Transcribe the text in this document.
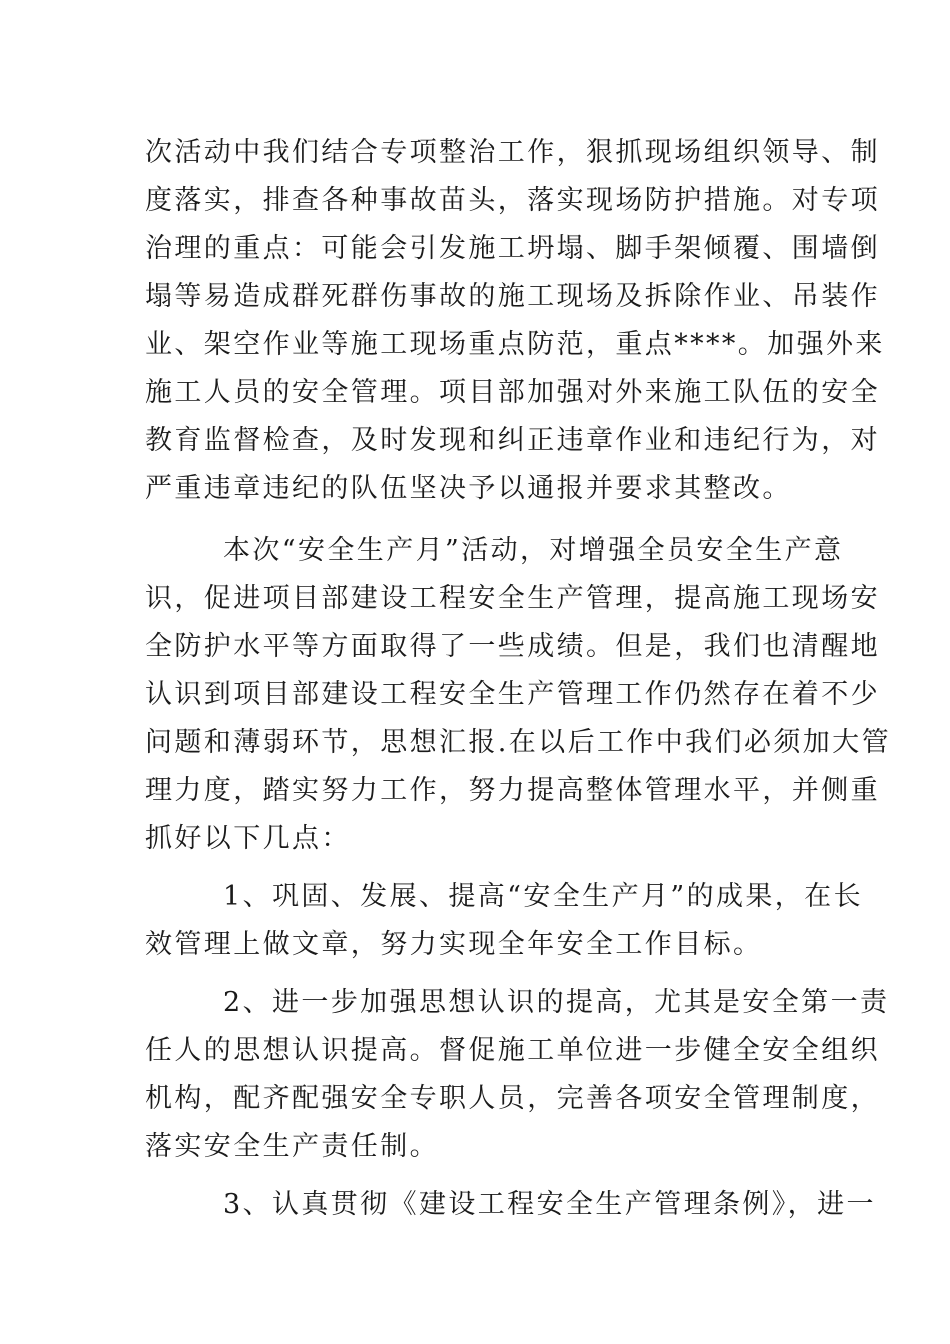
次活动中我们结合专项整治工作，狠抓现场组织领导、制
度落实，排查各种事故苗头，落实现场防护措施。对专项
治理的重点：可能会引发施工坍塌、脚手架倾覆、围墙倒
塌等易造成群死群伤事故的施工现场及拆除作业、吊装作
业、架空作业等施工现场重点防范，重点****。加强外来
施工人员的安全管理。项目部加强对外来施工队伍的安全
教育监督检查，及时发现和纠正违章作业和违纪行为，对
严重违章违纪的队伍坚决予以通报并要求其整改。
本次“安全生产月”活动，对增强全员安全生产意
识，促进项目部建设工程安全生产管理，提高施工现场安
全防护水平等方面取得了一些成绩。但是，我们也清醒地
认识到项目部建设工程安全生产管理工作仍然存在着不少
问题和薄弱环节，思想汇报.在以后工作中我们必须加大管
理力度，踏实努力工作，努力提高整体管理水平，并侧重
抓好以下几点：
1、巩固、发展、提高“安全生产月”的成果，在长
效管理上做文章，努力实现全年安全工作目标。
2、进一步加强思想认识的提高，尤其是安全第一责
任人的思想认识提高。督促施工单位进一步健全安全组织
机构，配齐配强安全专职人员，完善各项安全管理制度，
落实安全生产责任制。
3、认真贯彻《建设工程安全生产管理条例》，进一
